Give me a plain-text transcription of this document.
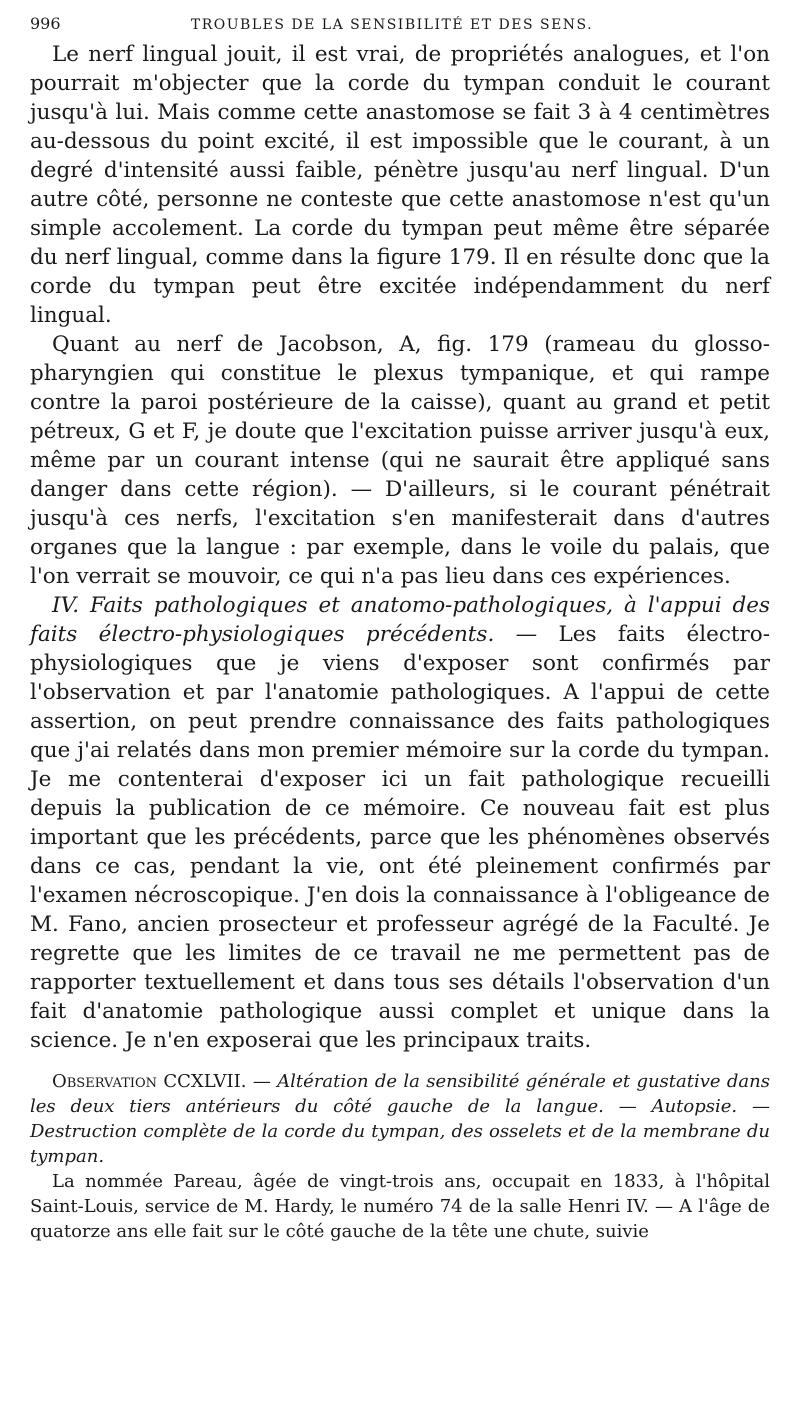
996	TROUBLES DE LA SENSIBILITÉ ET DES SENS.

Le nerf lingual jouit, il est vrai, de propriétés analogues, et l'on pourrait m'objecter que la corde du tympan conduit le courant jusqu'à lui. Mais comme cette anastomose se fait 3 à 4 centimètres au-dessous du point excité, il est impossible que le courant, à un degré d'intensité aussi faible, pénètre jusqu'au nerf lingual. D'un autre côté, personne ne conteste que cette anastomose n'est qu'un simple accolement. La corde du tympan peut même être séparée du nerf lingual, comme dans la figure 179. Il en résulte donc que la corde du tympan peut être excitée indépendamment du nerf lingual.

Quant au nerf de Jacobson, A, fig. 179 (rameau du glosso-pharyngien qui constitue le plexus tympanique, et qui rampe contre la paroi postérieure de la caisse), quant au grand et petit pétreux, G et F, je doute que l'excitation puisse arriver jusqu'à eux, même par un courant intense (qui ne saurait être appliqué sans danger dans cette région). — D'ailleurs, si le courant pénétrait jusqu'à ces nerfs, l'excitation s'en manifesterait dans d'autres organes que la langue : par exemple, dans le voile du palais, que l'on verrait se mouvoir, ce qui n'a pas lieu dans ces expériences.

IV. Faits pathologiques et anatomo-pathologiques, à l'appui des faits électro-physiologiques précédents. — Les faits électro-physiologiques que je viens d'exposer sont confirmés par l'observation et par l'anatomie pathologiques. A l'appui de cette assertion, on peut prendre connaissance des faits pathologiques que j'ai relatés dans mon premier mémoire sur la corde du tympan. Je me contenterai d'exposer ici un fait pathologique recueilli depuis la publication de ce mémoire. Ce nouveau fait est plus important que les précédents, parce que les phénomènes observés dans ce cas, pendant la vie, ont été pleinement confirmés par l'examen nécroscopique. J'en dois la connaissance à l'obligeance de M. Fano, ancien prosecteur et professeur agrégé de la Faculté. Je regrette que les limites de ce travail ne me permettent pas de rapporter textuellement et dans tous ses détails l'observation d'un fait d'anatomie pathologique aussi complet et unique dans la science. Je n'en exposerai que les principaux traits.

Observation CCXLVII. — Altération de la sensibilité générale et gustative dans les deux tiers antérieurs du côté gauche de la langue. — Autopsie. — Destruction complète de la corde du tympan, des osselets et de la membrane du tympan.

La nommée Pareau, âgée de vingt-trois ans, occupait en 1833, à l'hôpital Saint-Louis, service de M. Hardy, le numéro 74 de la salle Henri IV. — A l'âge de quatorze ans elle fait sur le côté gauche de la tête une chute, suivie
